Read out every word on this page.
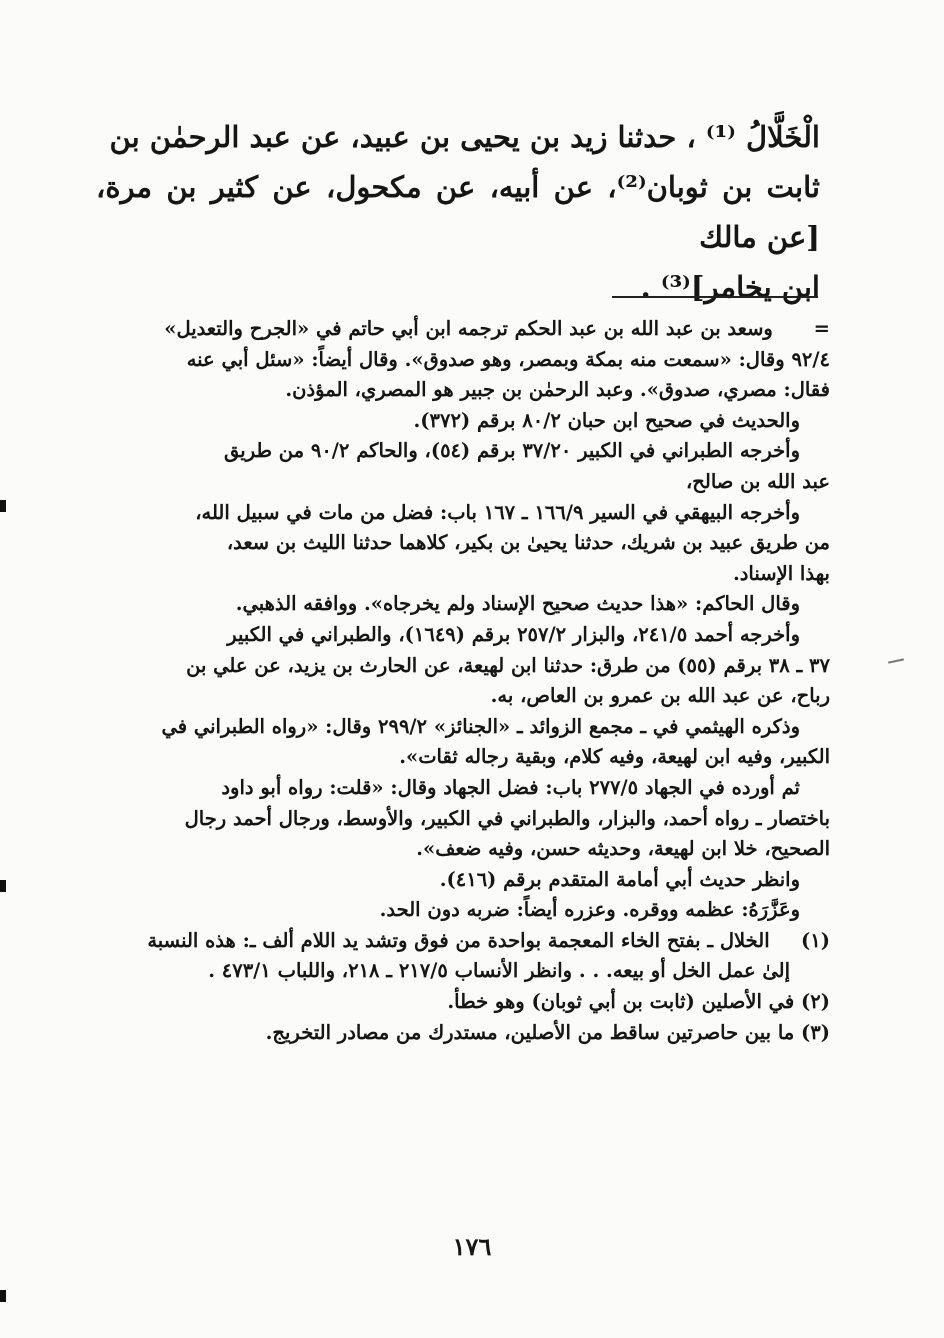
الْخَلَّالُ ⁽¹⁾ ، حدثنا زيد بن يحيى بن عبيد، عن عبد الرحمٰن بن

ثابت بن ثوبان⁽²⁾، عن أبيه، عن مكحول، عن كثير بن مرة، [عن مالك

ابن يخامر]⁽³⁾ .

=    وسعد بن عبد الله بن عبد الحكم ترجمه ابن أبي حاتم في «الجرح والتعديل»
٩٢/٤ وقال: «سمعت منه بمكة وبمصر، وهو صدوق». وقال أيضاً: «سئل أبي عنه
فقال: مصري، صدوق». وعبد الرحمٰن بن جبير هو المصري، المؤذن.
والحديث في صحيح ابن حبان ٨٠/٢ برقم (٣٧٢).
وأخرجه الطبراني في الكبير ٣٧/٢٠ برقم (٥٤)، والحاكم ٩٠/٢ من طريق
عبد الله بن صالح،
وأخرجه البيهقي في السير ١٦٦/٩ ـ ١٦٧ باب: فضل من مات في سبيل الله،
من طريق عبيد بن شريك، حدثنا يحيىٰ بن بكير، كلاهما حدثنا الليث بن سعد،
بهذا الإسناد.
وقال الحاكم: «هذا حديث صحيح الإسناد ولم يخرجاه». ووافقه الذهبي.
وأخرجه أحمد ٢٤١/٥، والبزار ٢٥٧/٢ برقم (١٦٤٩)، والطبراني في الكبير
٣٧ ـ ٣٨ برقم (٥٥) من طرق: حدثنا ابن لهيعة، عن الحارث بن يزيد، عن علي بن
رباح، عن عبد الله بن عمرو بن العاص، به.
وذكره الهيثمي في ـ مجمع الزوائد ـ «الجنائز» ٢٩٩/٢ وقال: «رواه الطبراني في
الكبير، وفيه ابن لهيعة، وفيه كلام، وبقية رجاله ثقات».
ثم أورده في الجهاد ٢٧٧/٥ باب: فضل الجهاد وقال: «قلت: رواه أبو داود
باختصار ـ رواه أحمد، والبزار، والطبراني في الكبير، والأوسط، ورجال أحمد رجال
الصحيح، خلا ابن لهيعة، وحديثه حسن، وفيه ضعف».
وانظر حديث أبي أمامة المتقدم برقم (٤١٦).
وعَزَّرَهُ: عظمه ووقره. وعزره أيضاً: ضربه دون الحد.
(١)   الخلال ـ بفتح الخاء المعجمة بواحدة من فوق وتشد يد اللام ألف ـ: هذه النسبة
إلىٰ عمل الخل أو بيعه. . . وانظر الأنساب ٢١٧/٥ ـ ٢١٨، واللباب ٤٧٣/١ .
(٢) في الأصلين (ثابت بن أبي ثوبان) وهو خطأ.
(٣) ما بين حاصرتين ساقط من الأصلين، مستدرك من مصادر التخريج.
١٧٦
